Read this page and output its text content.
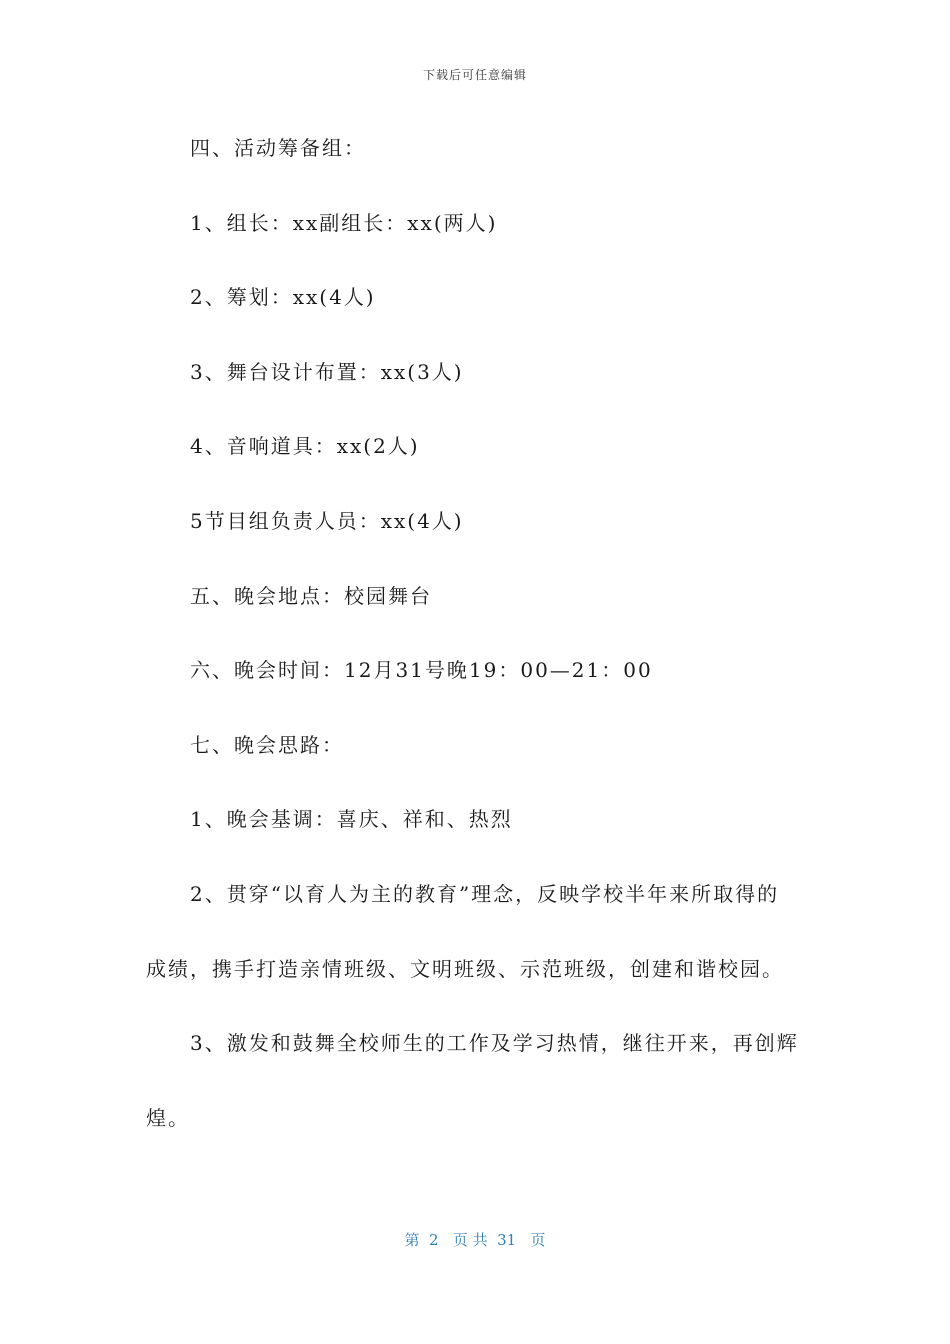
下载后可任意编辑
四、活动筹备组：
1、组长：xx副组长：xx(两人)
2、筹划：xx(4人)
3、舞台设计布置：xx(3人)
4、音响道具：xx(2人)
5节目组负责人员：xx(4人)
五、晚会地点：校园舞台
六、晚会时间：12月31号晚19：00—21：00
七、晚会思路：
1、晚会基调：喜庆、祥和、热烈
2、贯穿“以育人为主的教育”理念，反映学校半年来所取得的
成绩，携手打造亲情班级、文明班级、示范班级，创建和谐校园。
3、激发和鼓舞全校师生的工作及学习热情，继往开来，再创辉
煌。
第  2   页 共  31   页
